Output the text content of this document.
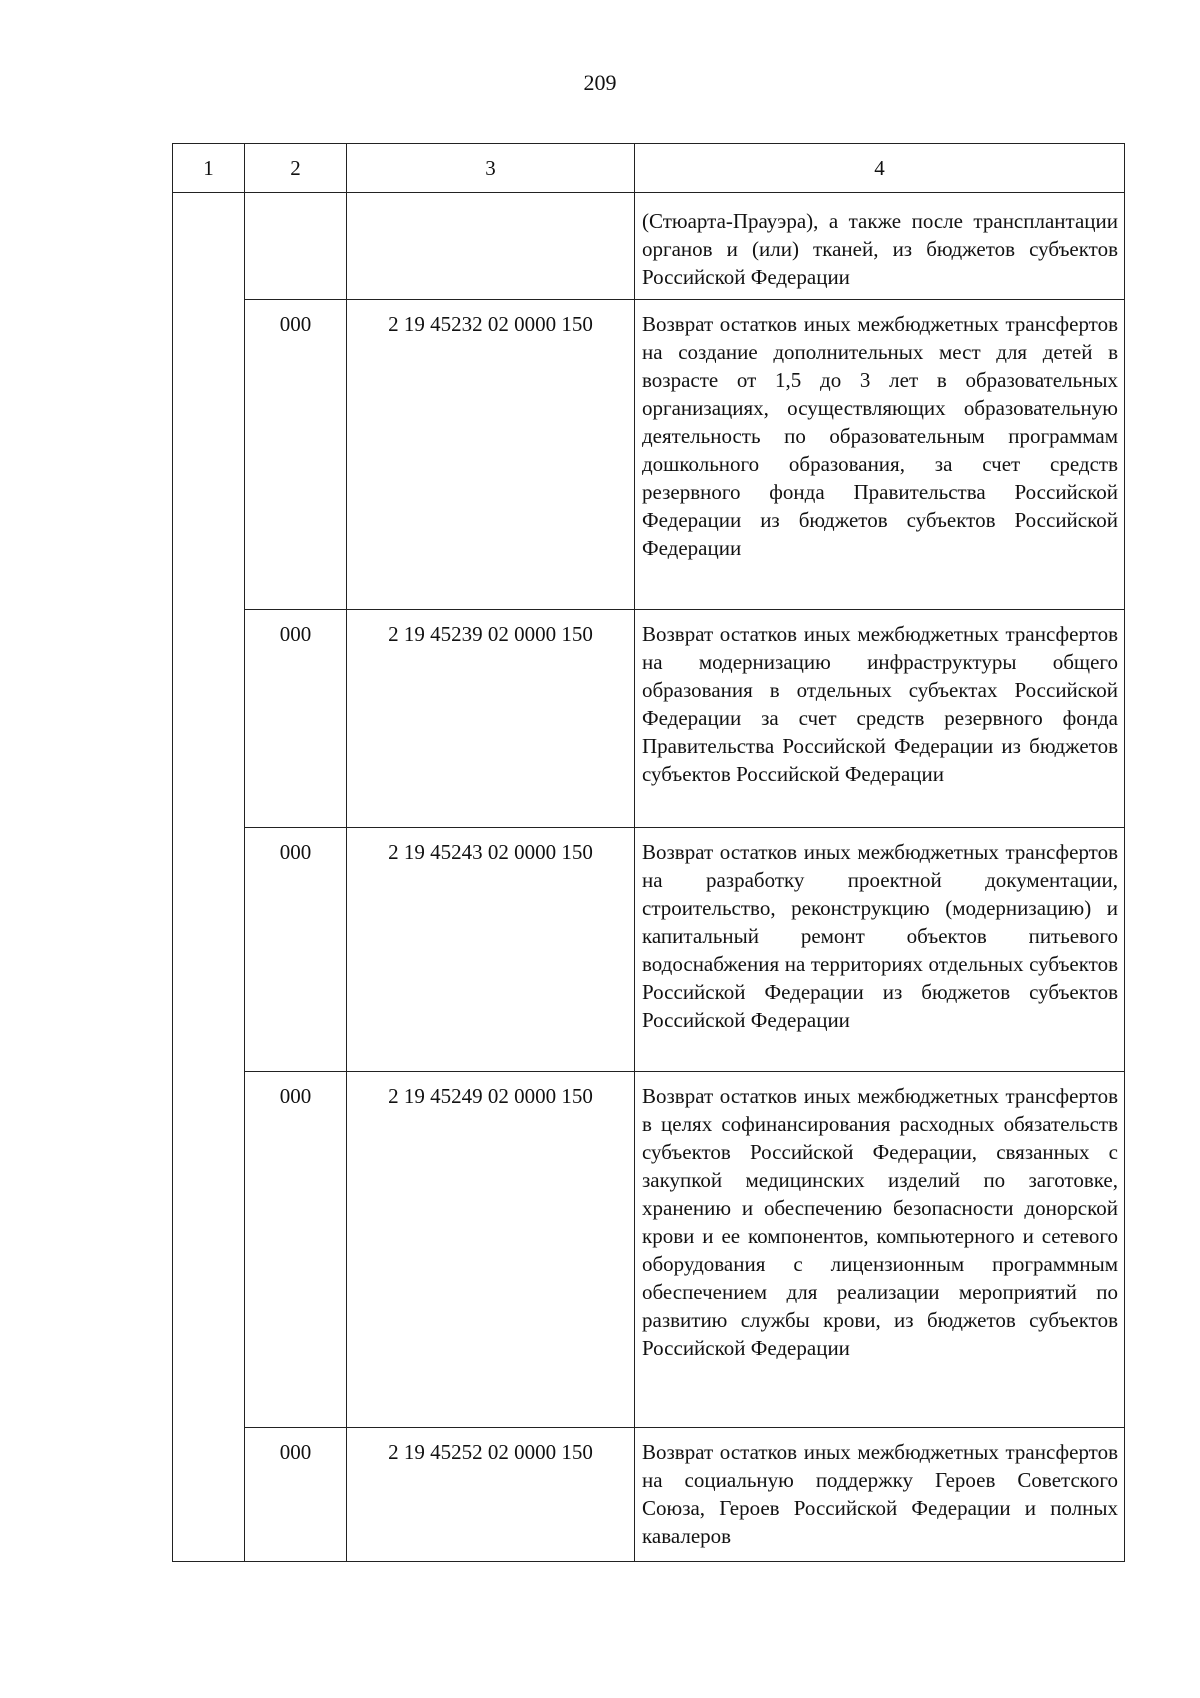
209
1	2	3	4
			(Стюарта-Прауэра), а также после трансплантации органов и (или) тканей, из бюджетов субъектов Российской Федерации
	000	2 19 45232 02 0000 150	Возврат остатков иных межбюджетных трансфертов на создание дополнительных мест для детей в возрасте от 1,5 до 3 лет в образовательных организациях, осуществляющих образовательную деятельность по образовательным программам дошкольного образования, за счет средств резервного фонда Правительства Российской Федерации из бюджетов субъектов Российской Федерации
	000	2 19 45239 02 0000 150	Возврат остатков иных межбюджетных трансфертов на модернизацию инфраструктуры общего образования в отдельных субъектах Российской Федерации за счет средств резервного фонда Правительства Российской Федерации из бюджетов субъектов Российской Федерации
	000	2 19 45243 02 0000 150	Возврат остатков иных межбюджетных трансфертов на разработку проектной документации, строительство, реконструкцию (модернизацию) и капитальный ремонт объектов питьевого водоснабжения на территориях отдельных субъектов Российской Федерации из бюджетов субъектов Российской Федерации
	000	2 19 45249 02 0000 150	Возврат остатков иных межбюджетных трансфертов в целях софинансирования расходных обязательств субъектов Российской Федерации, связанных с закупкой медицинских изделий по заготовке, хранению и обеспечению безопасности донорской крови и ее компонентов, компьютерного и сетевого оборудования с лицензионным программным обеспечением для реализации мероприятий по развитию службы крови, из бюджетов субъектов Российской Федерации
	000	2 19 45252 02 0000 150	Возврат остатков иных межбюджетных трансфертов на социальную поддержку Героев Советского Союза, Героев Российской Федерации и полных кавалеров
